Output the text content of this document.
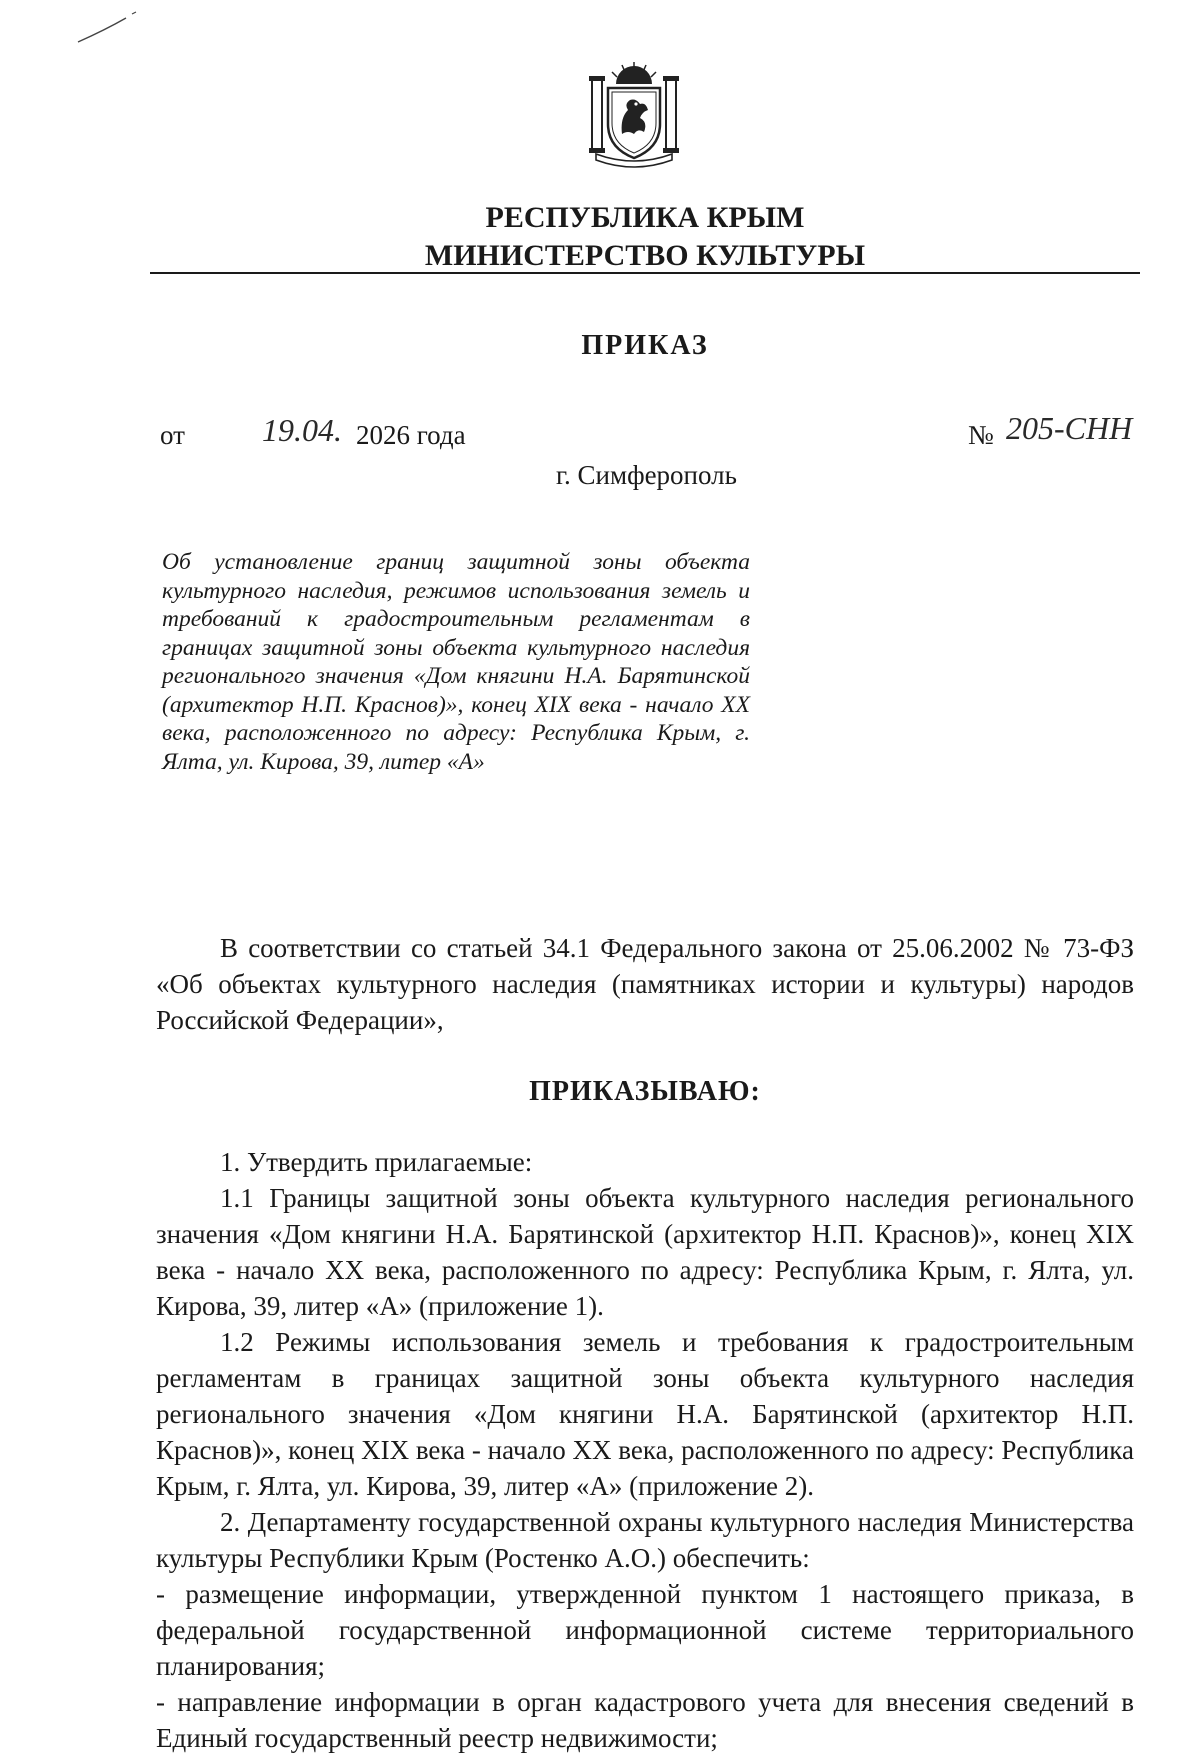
РЕСПУБЛИКА КРЫМ
МИНИСТЕРСТВО КУЛЬТУРЫ
ПРИКАЗ
от 19.04. 2026 года	№ 205-СНН
г. Симферополь
Об установление границ защитной зоны объекта культурного наследия, режимов использования земель и требований к градостроительным регламентам в границах защитной зоны объекта культурного наследия регионального значения «Дом княгини Н.А. Барятинской (архитектор Н.П. Краснов)», конец XIX века - начало XX века, расположенного по адресу: Республика Крым, г. Ялта, ул. Кирова, 39, литер «А»

В соответствии со статьей 34.1 Федерального закона от 25.06.2002 № 73-ФЗ «Об объектах культурного наследия (памятниках истории и культуры) народов Российской Федерации»,

ПРИКАЗЫВАЮ:

1. Утвердить прилагаемые:

1.1 Границы защитной зоны объекта культурного наследия регионального значения «Дом княгини Н.А. Барятинской (архитектор Н.П. Краснов)», конец XIX века - начало XX века, расположенного по адресу: Республика Крым, г. Ялта, ул. Кирова, 39, литер «А» (приложение 1).

1.2 Режимы использования земель и требования к градостроительным регламентам в границах защитной зоны объекта культурного наследия регионального значения «Дом княгини Н.А. Барятинской (архитектор Н.П. Краснов)», конец XIX века - начало XX века, расположенного по адресу: Республика Крым, г. Ялта, ул. Кирова, 39, литер «А» (приложение 2).

2. Департаменту государственной охраны культурного наследия Министерства культуры Республики Крым (Ростенко А.О.) обеспечить:

- размещение информации, утвержденной пунктом 1 настоящего приказа, в федеральной государственной информационной системе территориального планирования;

- направление информации в орган кадастрового учета для внесения сведений в Единый государственный реестр недвижимости;
